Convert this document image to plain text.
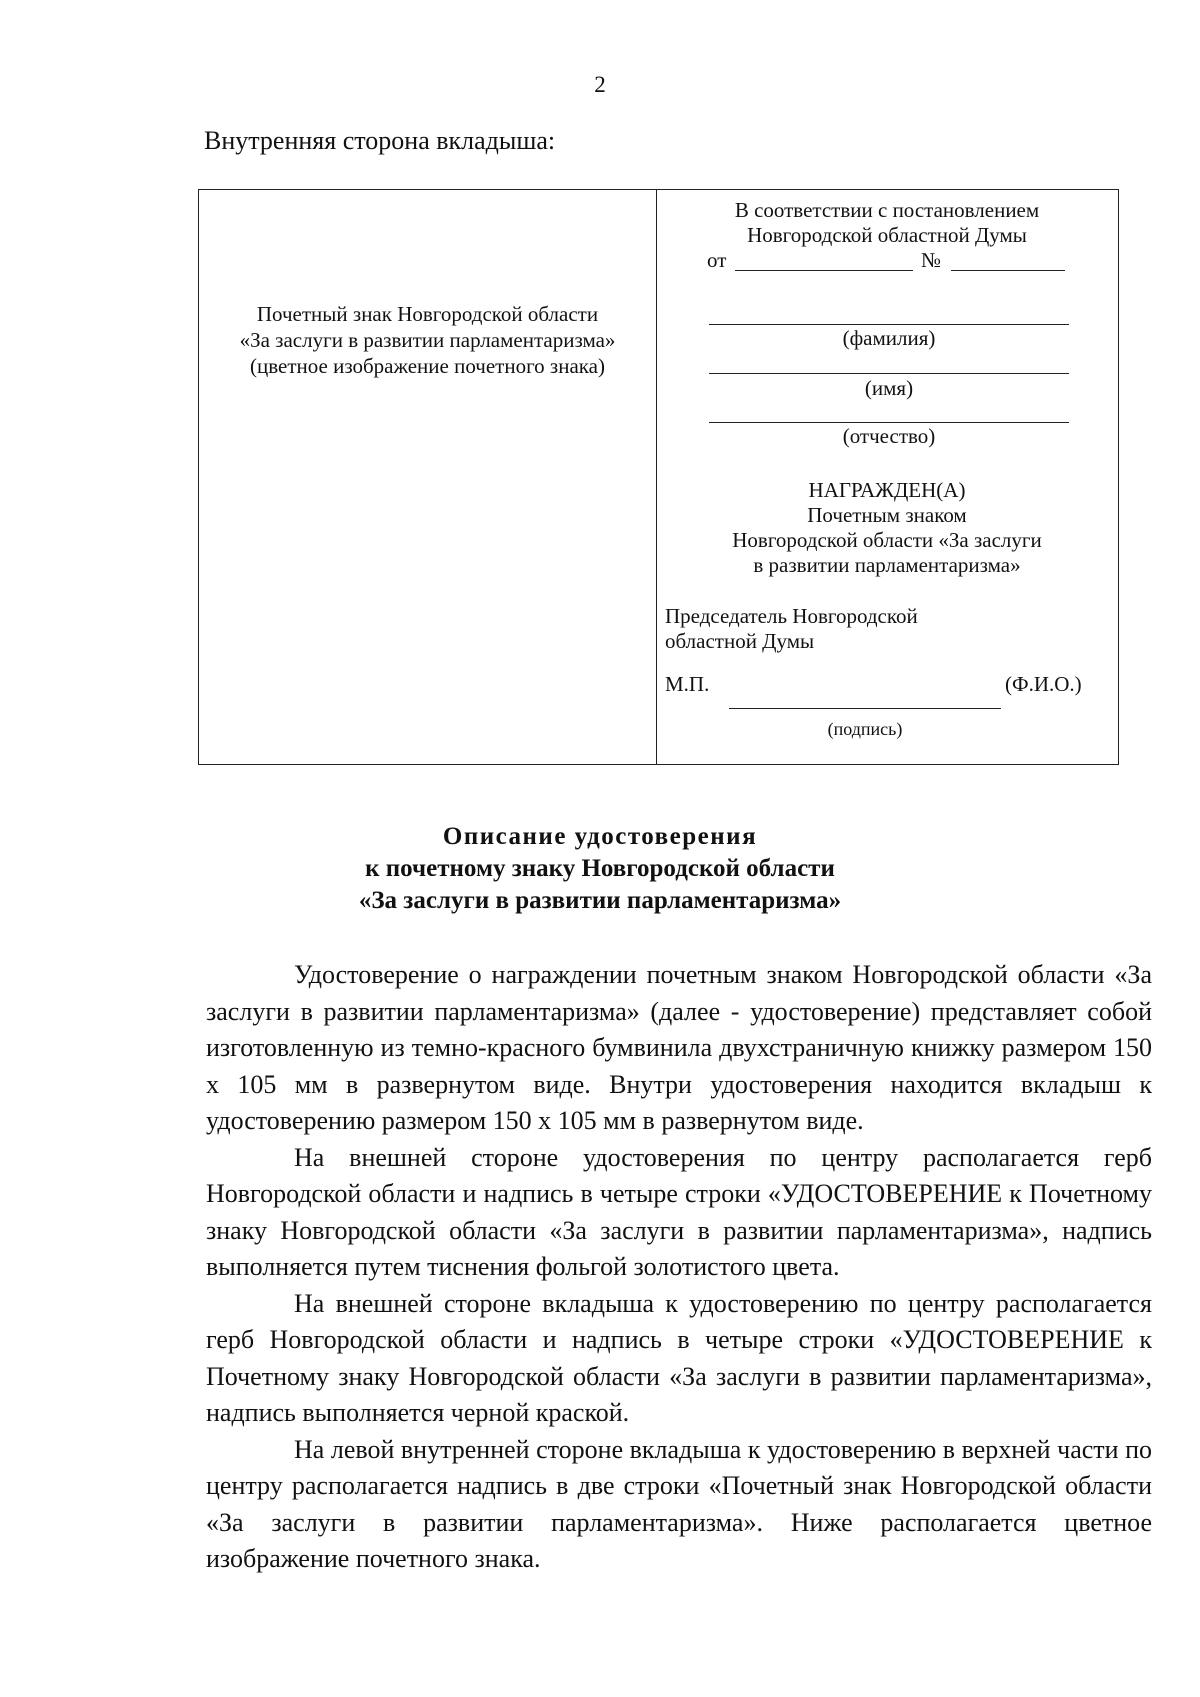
2
Внутренняя сторона вкладыша:
Почетный знак Новгородской области
«За заслуги в развитии парламентаризма»
(цветное изображение почетного знака)
В соответствии с постановлением
Новгородской областной Думы
от	№
(фамилия)
(имя)
(отчество)
НАГРАЖДЕН(А)
Почетным знаком
Новгородской области «За заслуги
в развитии парламентаризма»
Председатель Новгородской
областной Думы
М.П.	(Ф.И.О.)
(подпись)
Описание удостоверения
к почетному знаку Новгородской области
«За заслуги в развитии парламентаризма»

Удостоверение о награждении почетным знаком Новгородской области «За заслуги в развитии парламентаризма» (далее - удостоверение) представляет собой изготовленную из темно-красного бумвинила двухстраничную книжку размером 150 х 105 мм в развернутом виде. Внутри удостоверения находится вкладыш к удостоверению размером 150 х 105 мм в развернутом виде.

На внешней стороне удостоверения по центру располагается герб Новгородской области и надпись в четыре строки «УДОСТОВЕРЕНИЕ к Почетному знаку Новгородской области «За заслуги в развитии парламентаризма», надпись выполняется путем тиснения фольгой золотистого цвета.

На внешней стороне вкладыша к удостоверению по центру располагается герб Новгородской области и надпись в четыре строки «УДОСТОВЕРЕНИЕ к Почетному знаку Новгородской области «За заслуги в развитии парламентаризма», надпись выполняется черной краской.

На левой внутренней стороне вкладыша к удостоверению в верхней части по центру располагается надпись в две строки «Почетный знак Новгородской области «За заслуги в развитии парламентаризма». Ниже располагается цветное изображение почетного знака.
